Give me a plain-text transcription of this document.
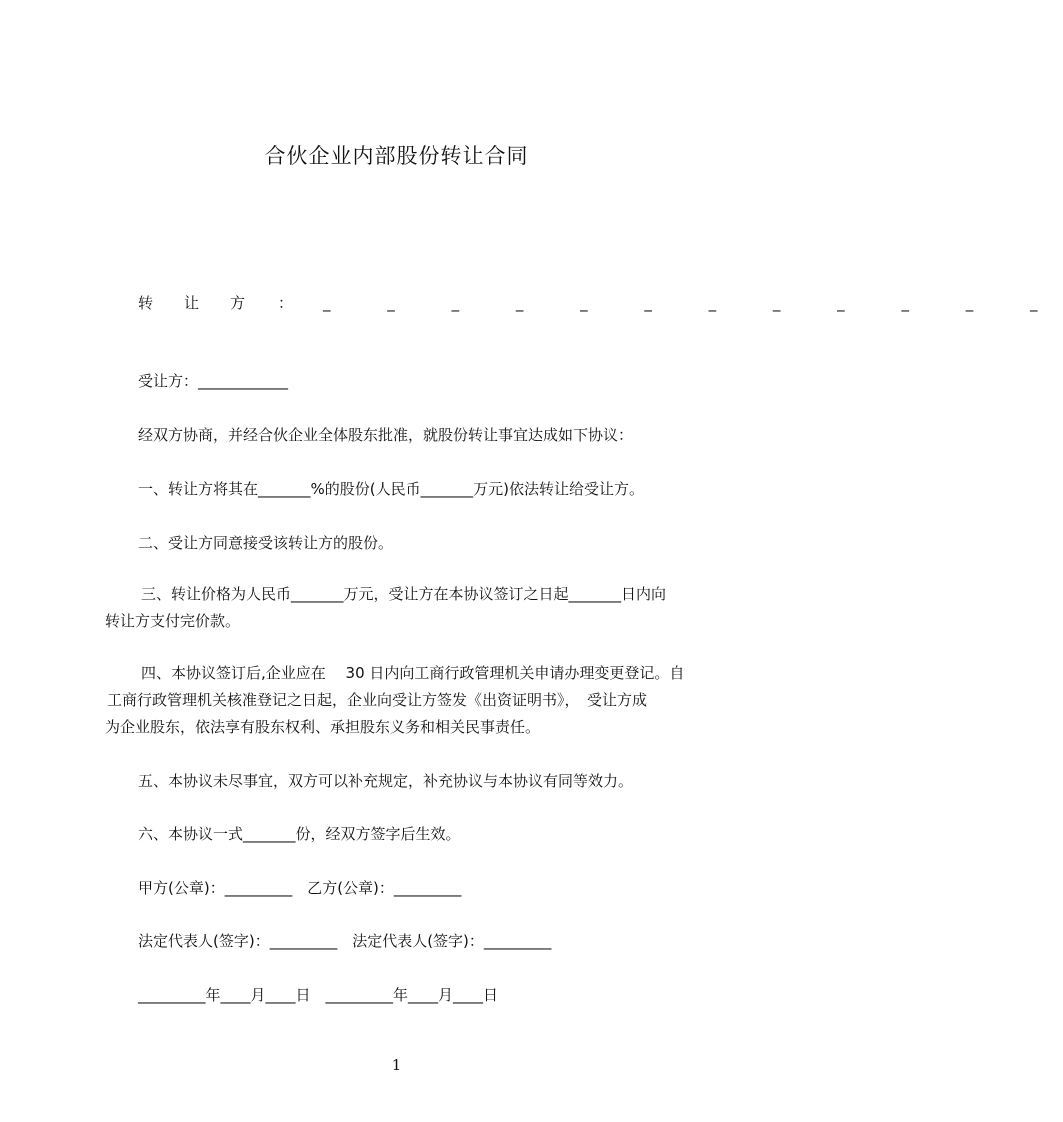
合伙企业内部股份转让合同
转让方 ： _ _ _ _ _ _ _ _ _ _ _ _
受让方：____________
经双方协商，并经合伙企业全体股东批准，就股份转让事宜达成如下协议：
一、转让方将其在_______%的股份(人民币_______万元)依法转让给受让方。
二、受让方同意接受该转让方的股份。
三、转让价格为人民币_______万元，受让方在本协议签订之日起_______日内向
转让方支付完价款。
四、本协议签订后,企业应在　 30 日内向工商行政管理机关申请办理变更登记。自
工商行政管理机关核准登记之日起，企业向受让方签发《出资证明书》，　受让方成
为企业股东，依法享有股东权利、承担股东义务和相关民事责任。
五、本协议未尽事宜，双方可以补充规定，补充协议与本协议有同等效力。
六、本协议一式_______份，经双方签字后生效。
甲方(公章)：_________　乙方(公章)：_________
法定代表人(签字)：_________　法定代表人(签字)：_________
_________年____月____日　_________年____月____日
1
